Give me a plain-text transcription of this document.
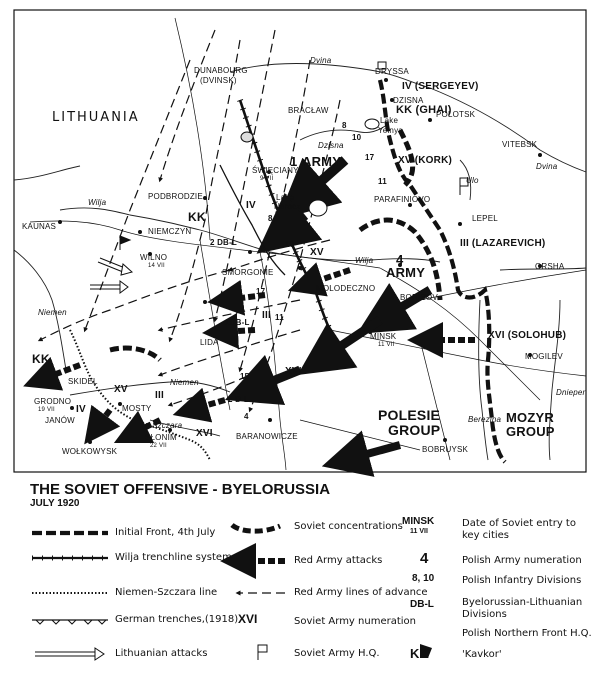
LITHUANIA
DUNABOURG
(DVINSK)
DRYSSA
DZISNA
POLOTSK
VITEBSK
BRACŁAW
Lake
Yelnya
ŚWIĘCIANY
9 VII
PODBRODZIE	Lake
Narocz
PARAFINIOVO
LEPEL
KAUNAS
NIEMCZYN
WILNO
14 VII
SMORGONIE
MOLODECZNO
BORISOV
ORSHA
MINSK
11 VII
LIDA
MOGILEV
SKIDEL
GRODNO
19 VII
JANÓW
MOSTY
SŁONIM
22 VII
WOŁKOWYSK
BARANOWICZE
BOBRUYSK
Dvina
Dvina
Dzisna
Ulo
Wilja
Wilja
Niemen
Niemen
Szczara
Berezina
Dnieper
IV (SERGEYEV)
KK (GHAI)
XV (KORK)
III (LAZAREVICH)
XVI (SOLOHUB)
1 ARMY
4
ARMY
POLESIE
GROUP
MOZYR
GROUP
KK
KK
IV
IV
XV
XV
III
III
XVI
XVI
2 DB-L
1DB-L
2 D-L
8
10
17
11
8
10
17
11
15
4
THE SOVIET OFFENSIVE - BYELORUSSIA
JULY 1920
Initial Front, 4th July
Wilja trenchline system
Niemen-Szczara line
German trenches,(1918)
Lithuanian attacks
Soviet concentrations
Red Army attacks
Red Army lines of advance
XVI	Soviet Army numeration
Soviet Army H.Q.
MINSK
11 VII
Date of Soviet entry to
key cities
4	Polish Army numeration
8, 10	Polish Infantry Divisions
DB-L	Byelorussian-Lithuanian
Divisions
Polish Northern Front H.Q.
KK	'Kavkor'
